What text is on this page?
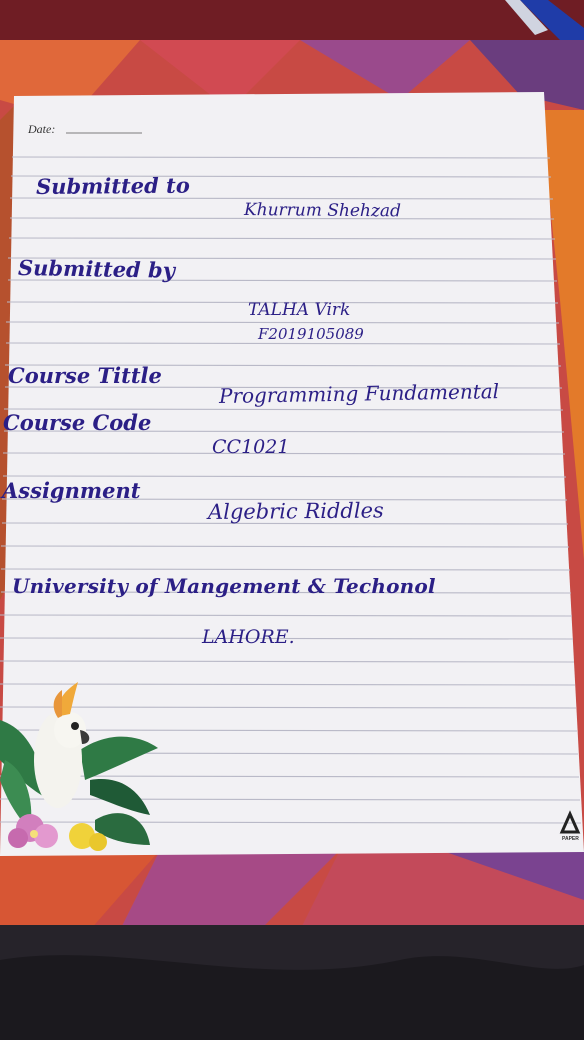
Date:

Submitted to

Khurrum Shehzad

Submitted by

TALHA Virk

F2019105089

Course Tittle

Programming Fundamental

Course Code

CC1021

Assignment

Algebric Riddles

University of Mangement & Techonol

LAHORE.

PAPER
